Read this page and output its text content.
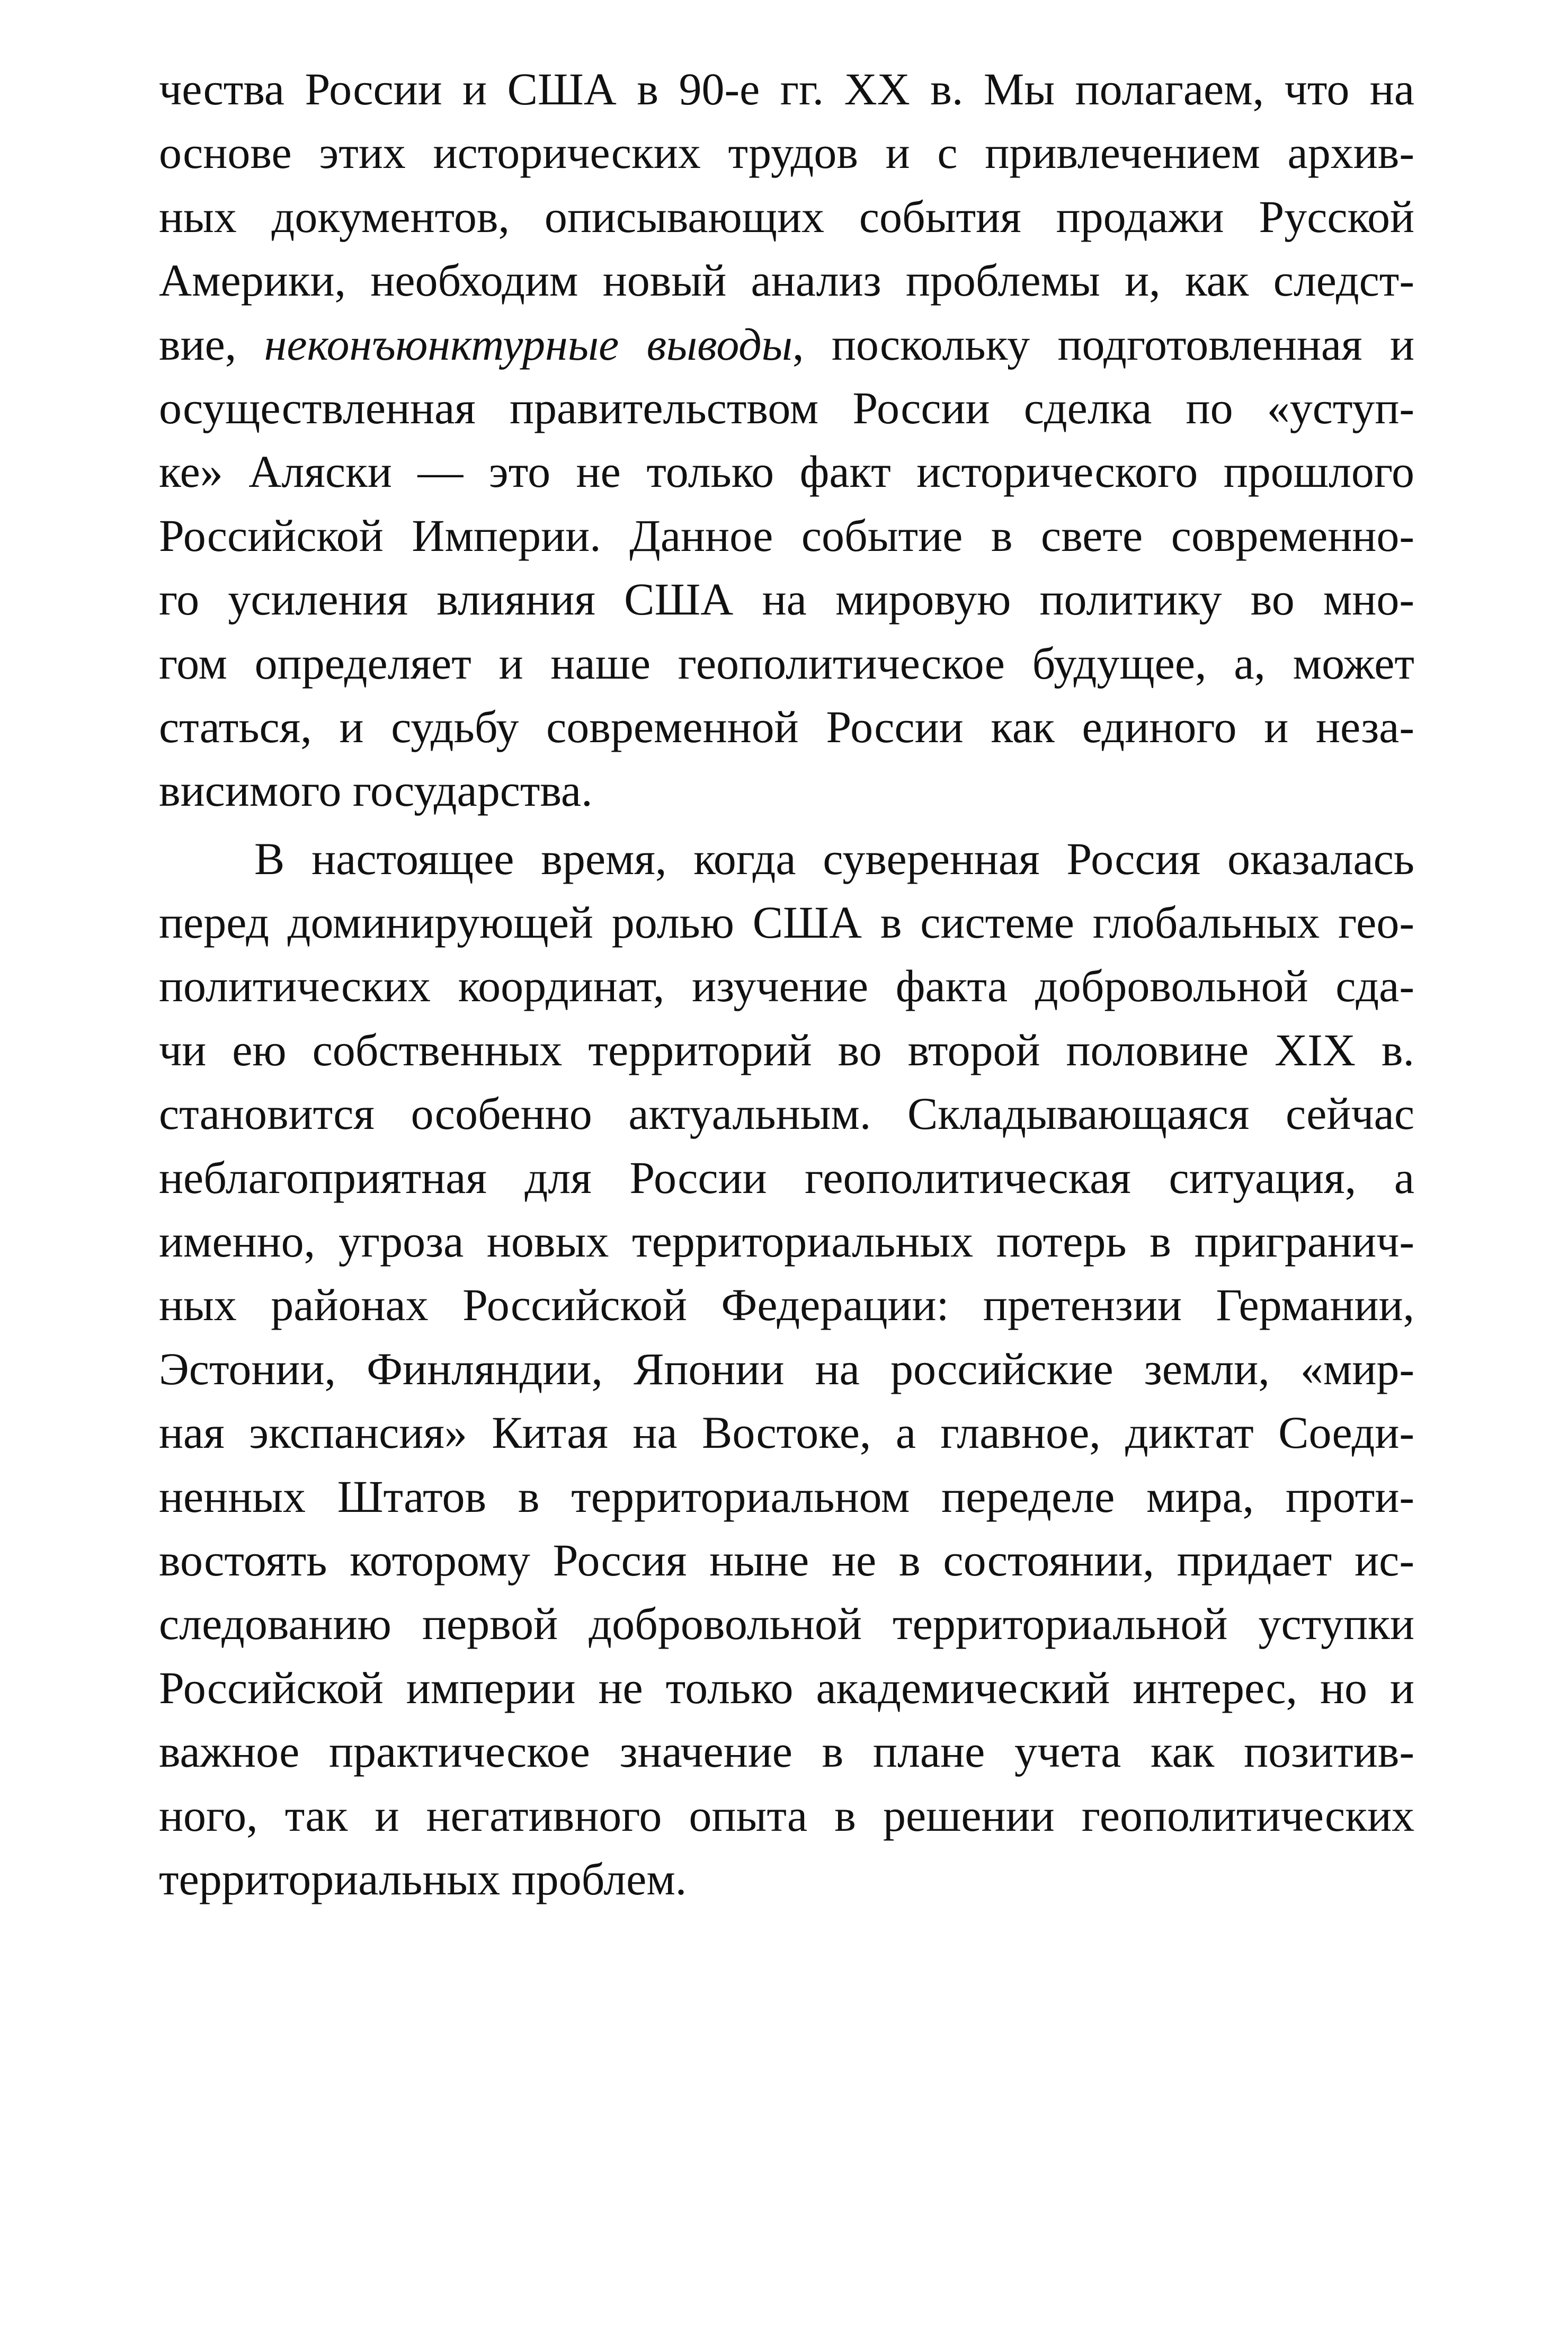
чества России и США в 90-е гг. XX в. Мы полагаем, что на
основе этих исторических трудов и с привлечением архив-
ных документов, описывающих события продажи Русской
Америки, необходим новый анализ проблемы и, как следст-
вие, неконъюнктурные выводы, поскольку подготовленная и
осуществленная правительством России сделка по «уступ-
ке» Аляски — это не только факт исторического прошлого
Российской Империи. Данное событие в свете современно-
го усиления влияния США на мировую политику во мно-
гом определяет и наше геополитическое будущее, а, может
статься, и судьбу современной России как единого и неза-
висимого государства.
В настоящее время, когда суверенная Россия оказалась
перед доминирующей ролью США в системе глобальных гео-
политических координат, изучение факта добровольной сда-
чи ею собственных территорий во второй половине XIX в.
становится особенно актуальным. Складывающаяся сейчас
неблагоприятная для России геополитическая ситуация, а
именно, угроза новых территориальных потерь в пригранич-
ных районах Российской Федерации: претензии Германии,
Эстонии, Финляндии, Японии на российские земли, «мир-
ная экспансия» Китая на Востоке, а главное, диктат Соеди-
ненных Штатов в территориальном переделе мира, проти-
востоять которому Россия ныне не в состоянии, придает ис-
следованию первой добровольной территориальной уступки
Российской империи не только академический интерес, но и
важное практическое значение в плане учета как позитив-
ного, так и негативного опыта в решении геополитических
территориальных проблем.
